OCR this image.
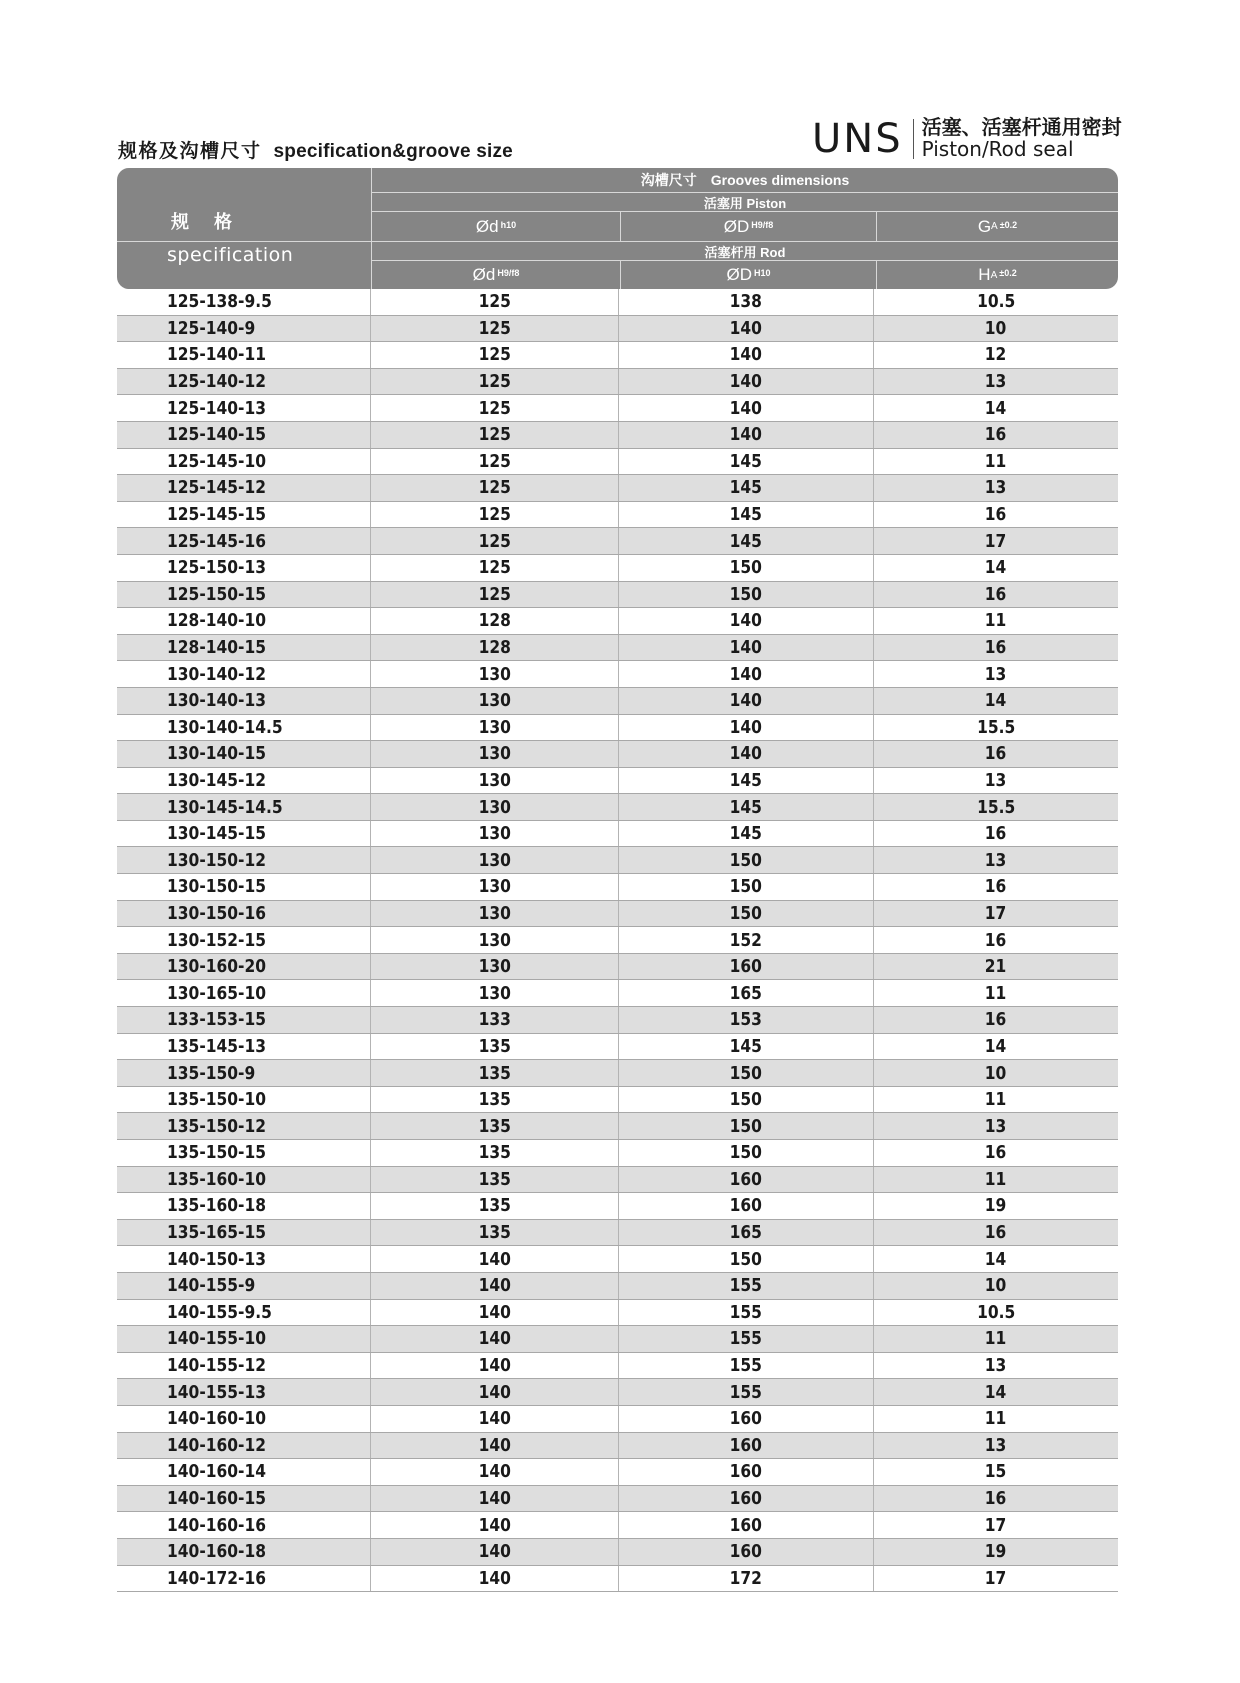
规格及沟槽尺寸 specification&groove size	UNS 活塞、活塞杆通用密封
Piston/Rod seal
规 格
specification
沟槽尺寸　Grooves dimensions
活塞用 Piston
$Ød^{h10}$	$ØD^{H9/f8}$	G $A^{\pm 0.2}$
活塞杆用 Rod
$Ød^{H9/f8}$	$ØD^{H10}$	H $A^{\pm 0.2}$
125-138-9.5	125	138	10.5
125-140-9	125	140	10
125-140-11	125	140	12
125-140-12	125	140	13
125-140-13	125	140	14
125-140-15	125	140	16
125-145-10	125	145	11
125-145-12	125	145	13
125-145-15	125	145	16
125-145-16	125	145	17
125-150-13	125	150	14
125-150-15	125	150	16
128-140-10	128	140	11
128-140-15	128	140	16
130-140-12	130	140	13
130-140-13	130	140	14
130-140-14.5	130	140	15.5
130-140-15	130	140	16
130-145-12	130	145	13
130-145-14.5	130	145	15.5
130-145-15	130	145	16
130-150-12	130	150	13
130-150-15	130	150	16
130-150-16	130	150	17
130-152-15	130	152	16
130-160-20	130	160	21
130-165-10	130	165	11
133-153-15	133	153	16
135-145-13	135	145	14
135-150-9	135	150	10
135-150-10	135	150	11
135-150-12	135	150	13
135-150-15	135	150	16
135-160-10	135	160	11
135-160-18	135	160	19
135-165-15	135	165	16
140-150-13	140	150	14
140-155-9	140	155	10
140-155-9.5	140	155	10.5
140-155-10	140	155	11
140-155-12	140	155	13
140-155-13	140	155	14
140-160-10	140	160	11
140-160-12	140	160	13
140-160-14	140	160	15
140-160-15	140	160	16
140-160-16	140	160	17
140-160-18	140	160	19
140-172-16	140	172	17
